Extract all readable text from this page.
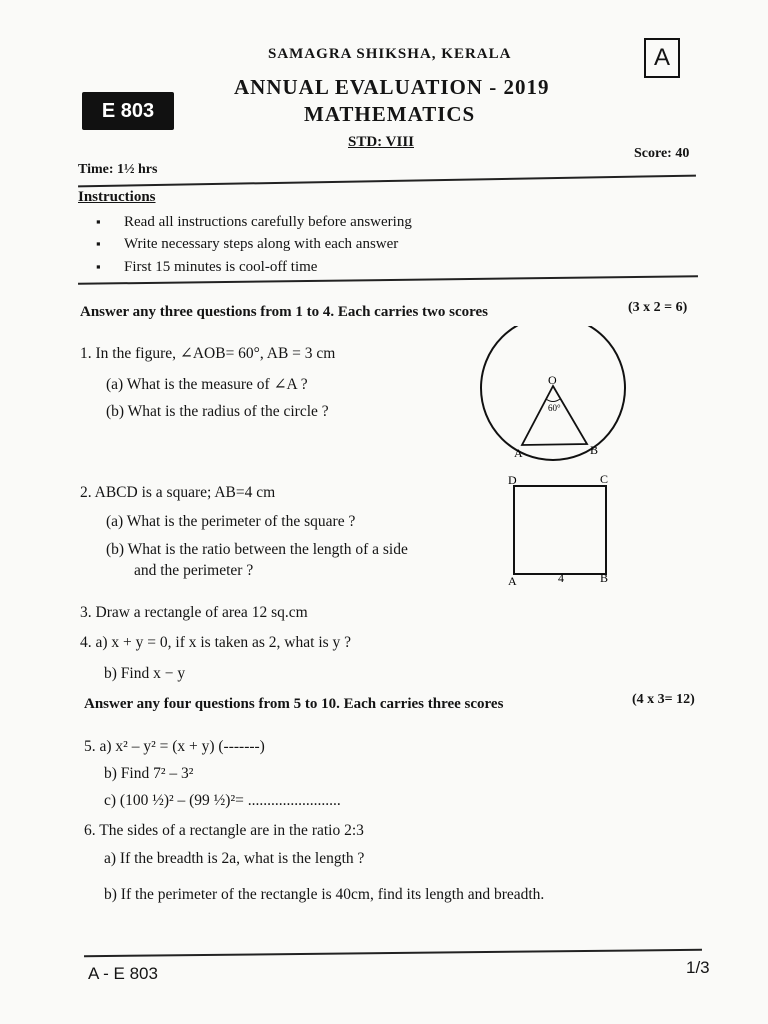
SAMAGRA SHIKSHA, KERALA
ANNUAL EVALUATION - 2019
MATHEMATICS
STD: VIII
E 803
A
Time: 1½ hrs
Score: 40
Instructions
▪ Read all instructions carefully before answering
▪ Write necessary steps along with each answer
▪ First 15 minutes is cool-off time
Answer any three questions from 1 to 4. Each carries two scores	(3 x 2 = 6)
1. In the figure, ∠AOB= 60°, AB = 3 cm
(a) What is the measure of ∠A ?
(b) What is the radius of the circle ?
O
60°
A	B
2. ABCD is a square; AB=4 cm
(a) What is the perimeter of the square ?
(b) What is the ratio between the length of a side
and the perimeter ?
D	C
A	4	B
3. Draw a rectangle of area 12 sq.cm
4. a) x + y = 0, if x is taken as 2, what is y ?
b) Find x − y
Answer any four questions from 5 to 10. Each carries three scores	(4 x 3= 12)
5. a) x² – y² = (x + y) (-------)
b) Find 7² – 3²
c) (100 ½)² – (99 ½)²= ........................
6. The sides of a rectangle are in the ratio 2:3
a) If the breadth is 2a, what is the length ?
b) If the perimeter of the rectangle is 40cm, find its length and breadth.
A - E 803	1/3
